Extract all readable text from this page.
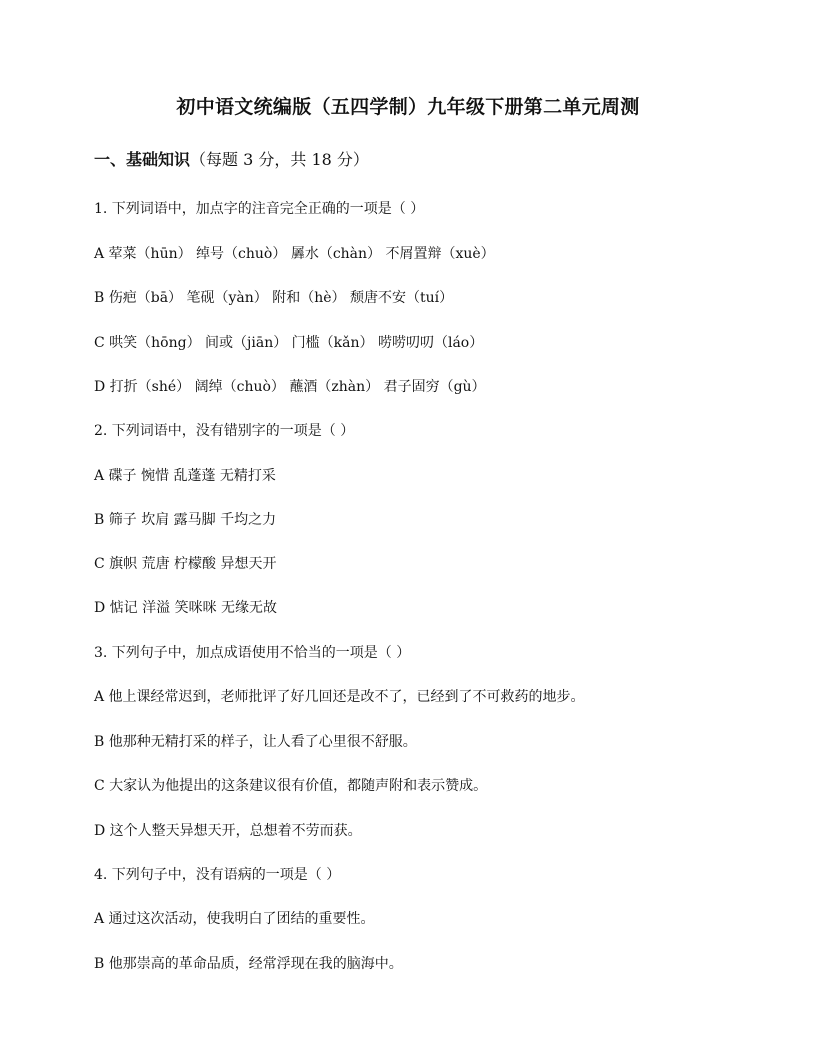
初中语文统编版（五四学制）九年级下册第二单元周测
一、基础知识（每题 3 分，共 18 分）
1. 下列词语中，加点字的注音完全正确的一项是（ ）
A 荤菜（hūn） 绰号（chuò） 羼水（chàn） 不屑置辩（xuè）
B 伤疤（bā） 笔砚（yàn） 附和（hè） 颓唐不安（tuí）
C 哄笑（hōng） 间或（jiān） 门槛（kǎn） 唠唠叨叨（láo）
D 打折（shé） 阔绰（chuò） 蘸酒（zhàn） 君子固穷（gù）
2. 下列词语中，没有错别字的一项是（ ）
A 碟子 惋惜 乱蓬蓬 无精打采
B 筛子 坎肩 露马脚 千均之力
C 旗帜 荒唐 柠檬酸 异想天开
D 惦记 洋溢 笑咪咪 无缘无故
3. 下列句子中，加点成语使用不恰当的一项是（ ）
A 他上课经常迟到，老师批评了好几回还是改不了，已经到了不可救药的地步。
B 他那种无精打采的样子，让人看了心里很不舒服。
C 大家认为他提出的这条建议很有价值，都随声附和表示赞成。
D 这个人整天异想天开，总想着不劳而获。
4. 下列句子中，没有语病的一项是（ ）
A 通过这次活动，使我明白了团结的重要性。
B 他那崇高的革命品质，经常浮现在我的脑海中。
